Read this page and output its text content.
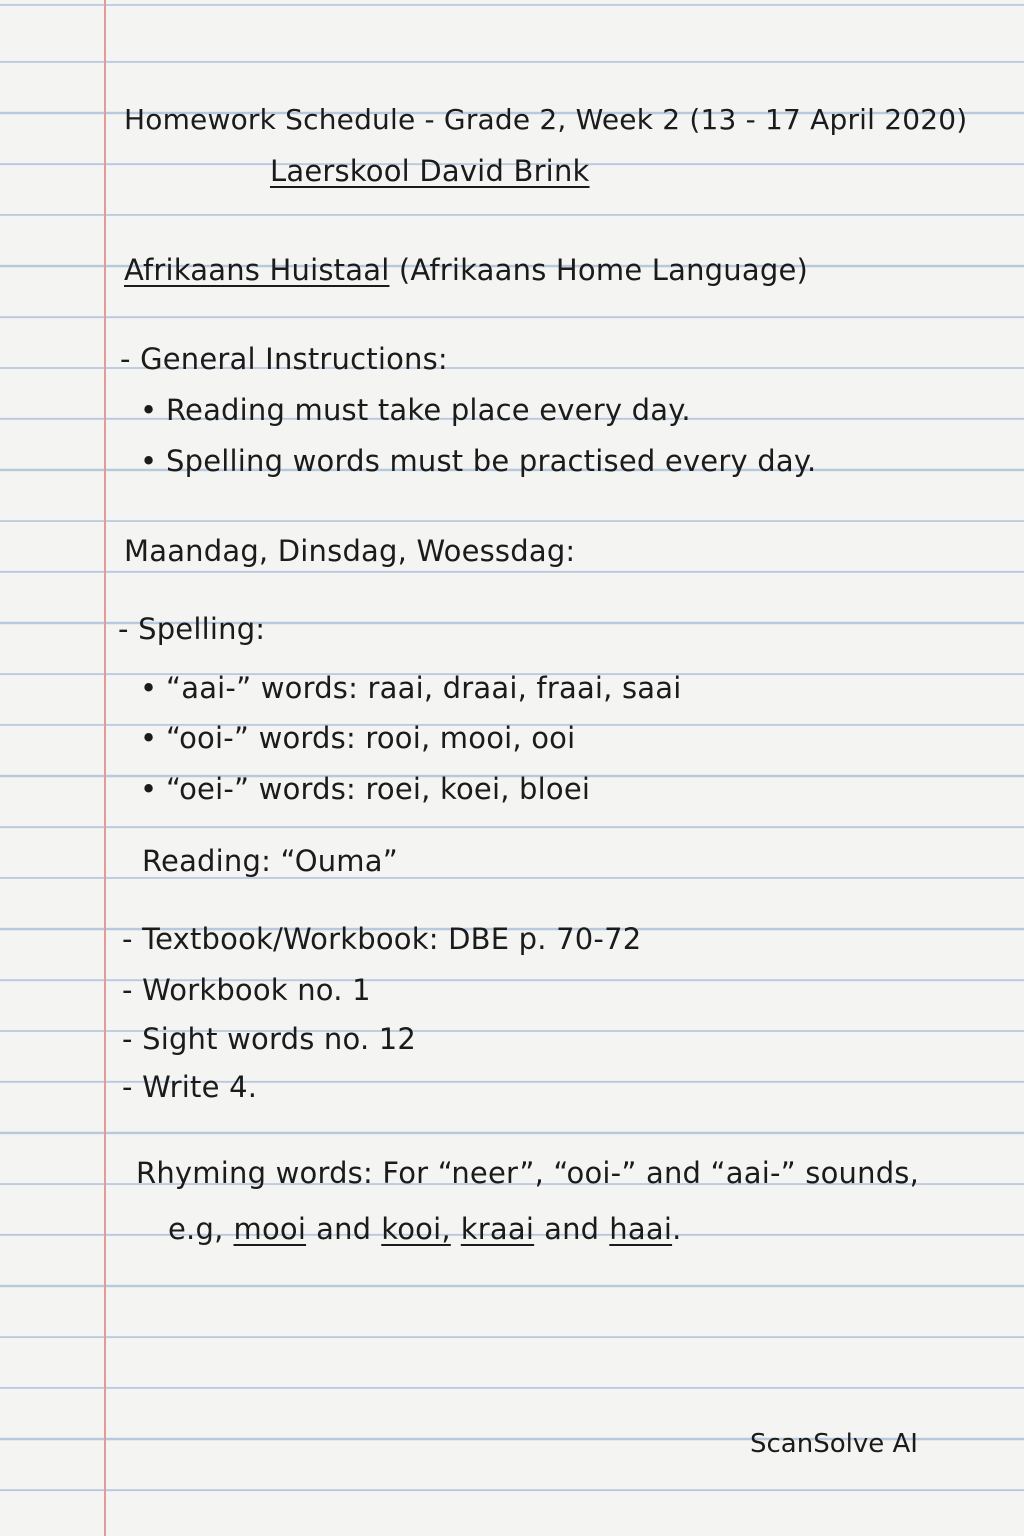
Homework Schedule - Grade 2, Week 2 (13 - 17 April 2020)
Laerskool David Brink
Afrikaans Huistaal (Afrikaans Home Language)
- General Instructions:
• Reading must take place every day.
• Spelling words must be practised every day.
Maandag, Dinsdag, Woessdag:
- Spelling:
• “aai-” words: raai, draai, fraai, saai
• “ooi-” words: rooi, mooi, ooi
• “oei-” words: roei, koei, bloei
Reading: “Ouma”
- Textbook/Workbook: DBE p. 70-72
- Workbook no. 1
- Sight words no. 12
- Write 4.
Rhyming words: For “neer”, “ooi-” and “aai-” sounds,
e.g, mooi and kooi, kraai and haai.
ScanSolve AI
